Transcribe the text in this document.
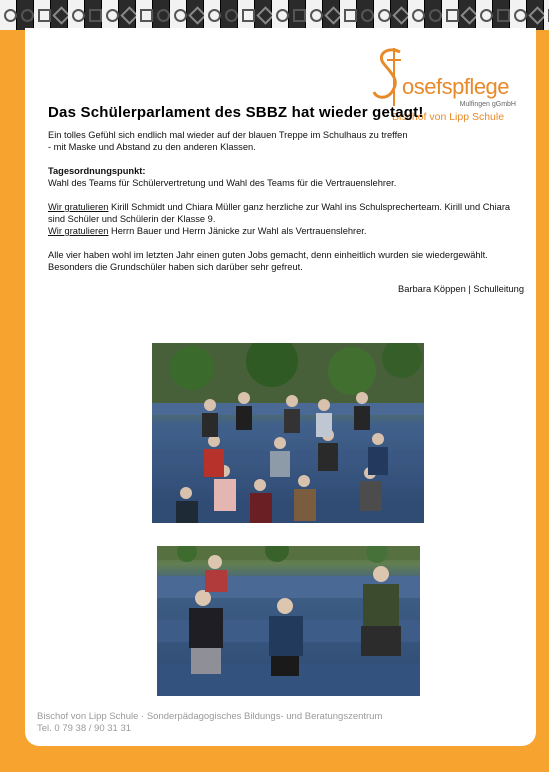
osefspflege
Mulfingen gGmbH
Bischof von Lipp Schule
Das Schülerparlament des SBBZ hat wieder getagt!

Ein tolles Gefühl sich endlich mal wieder auf der blauen Treppe im Schulhaus zu treffen

- mit Maske und Abstand zu den anderen Klassen.

Tagesordnungspunkt:

Wahl des Teams für Schülervertretung und Wahl des Teams für die Vertrauenslehrer.

Wir gratulieren Kirill Schmidt und Chiara Müller ganz herzliche zur Wahl ins Schulsprecherteam. Kirill und Chiara sind Schüler und Schülerin der Klasse 9.

Wir gratulieren Herrn Bauer und Herrn Jänicke zur Wahl als Vertrauenslehrer.

Alle vier haben wohl im letzten Jahr einen guten Jobs gemacht, denn einheitlich wurden sie wiedergewählt. Besonders die Grundschüler haben sich darüber sehr gefreut.

Barbara Köppen | Schulleitung
Bischof von Lipp Schule · Sonderpädagogisches Bildungs- und Beratungszentrum
Tel. 0 79 38 / 90 31 31
